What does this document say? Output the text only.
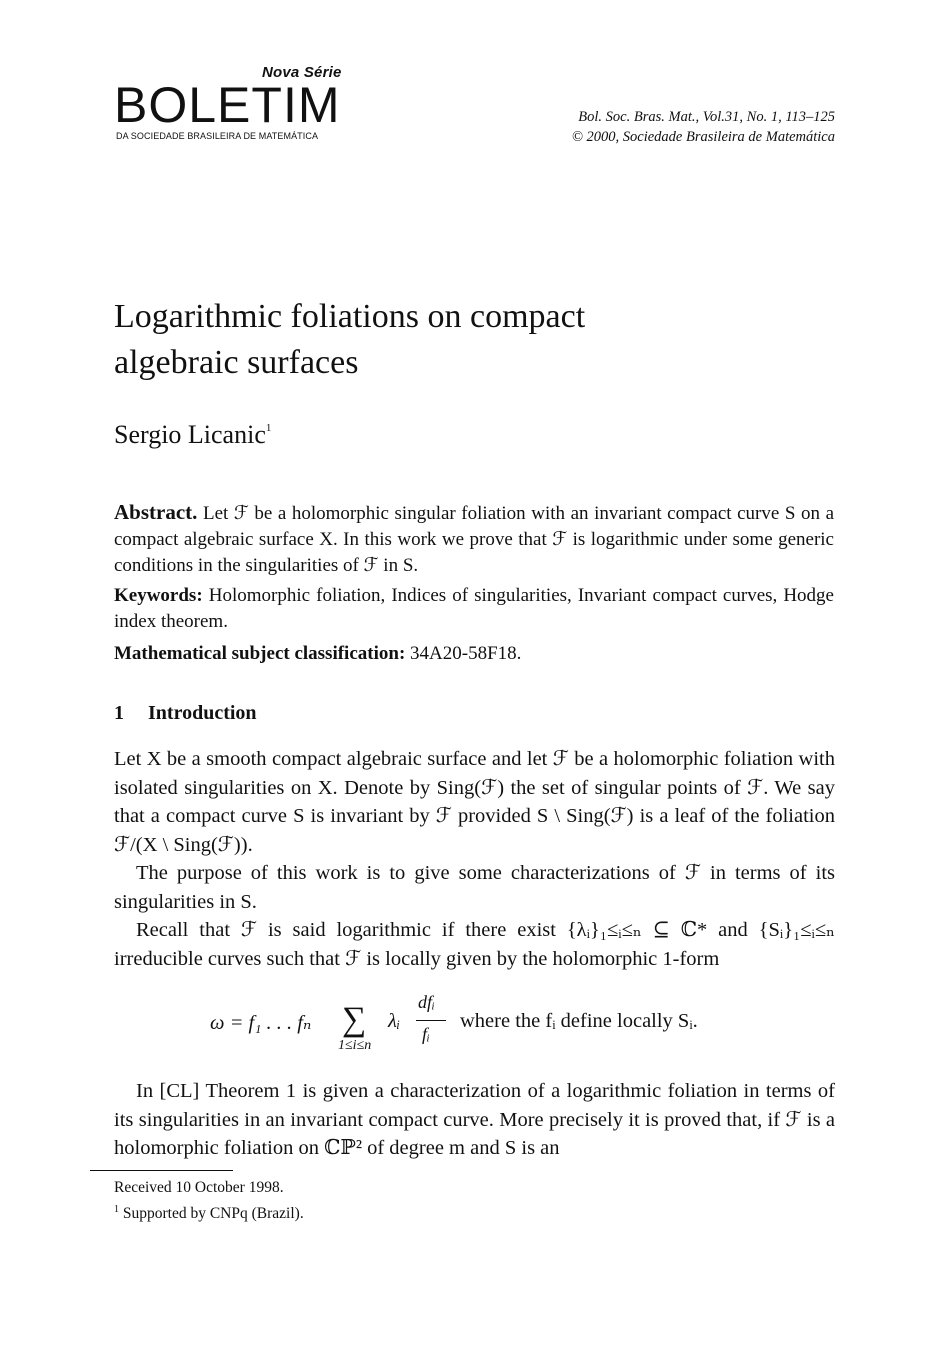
Nova Série
BOLETIM
DA SOCIEDADE BRASILEIRA DE MATEMÁTICA
Bol. Soc. Bras. Mat., Vol.31, No. 1, 113–125
© 2000, Sociedade Brasileira de Matemática
Logarithmic foliations on compact
algebraic surfaces
Sergio Licanic$^1$
Abstract. Let ℱ be a holomorphic singular foliation with an invariant compact curve S on a compact algebraic surface X. In this work we prove that ℱ is logarithmic under some generic conditions in the singularities of ℱ in S.
Keywords: Holomorphic foliation, Indices of singularities, Invariant compact curves, Hodge index theorem.
Mathematical subject classification: 34A20-58F18.
1 Introduction
Let X be a smooth compact algebraic surface and let ℱ be a holomorphic foliation with isolated singularities on X. Denote by Sing(ℱ) the set of singular points of ℱ. We say that a compact curve S is invariant by ℱ provided S \ Sing(ℱ) is a leaf of the foliation ℱ/(X \ Sing(ℱ)).
The purpose of this work is to give some characterizations of ℱ in terms of its singularities in S.
Recall that ℱ is said logarithmic if there exist {λᵢ}₁≤ᵢ≤ₙ ⊆ ℂ* and {Sᵢ}₁≤ᵢ≤ₙ irreducible curves such that ℱ is locally given by the holomorphic 1-form
ω = f₁ . . . fₙ ∑
1≤i≤n
λᵢ
dfᵢ
fᵢ
where the fᵢ define locally Sᵢ.
In [CL] Theorem 1 is given a characterization of a logarithmic foliation in terms of its singularities in an invariant compact curve. More precisely it is proved that, if ℱ is a holomorphic foliation on ℂℙ² of degree m and S is an
Received 10 October 1998.
$^1$ Supported by CNPq (Brazil).
